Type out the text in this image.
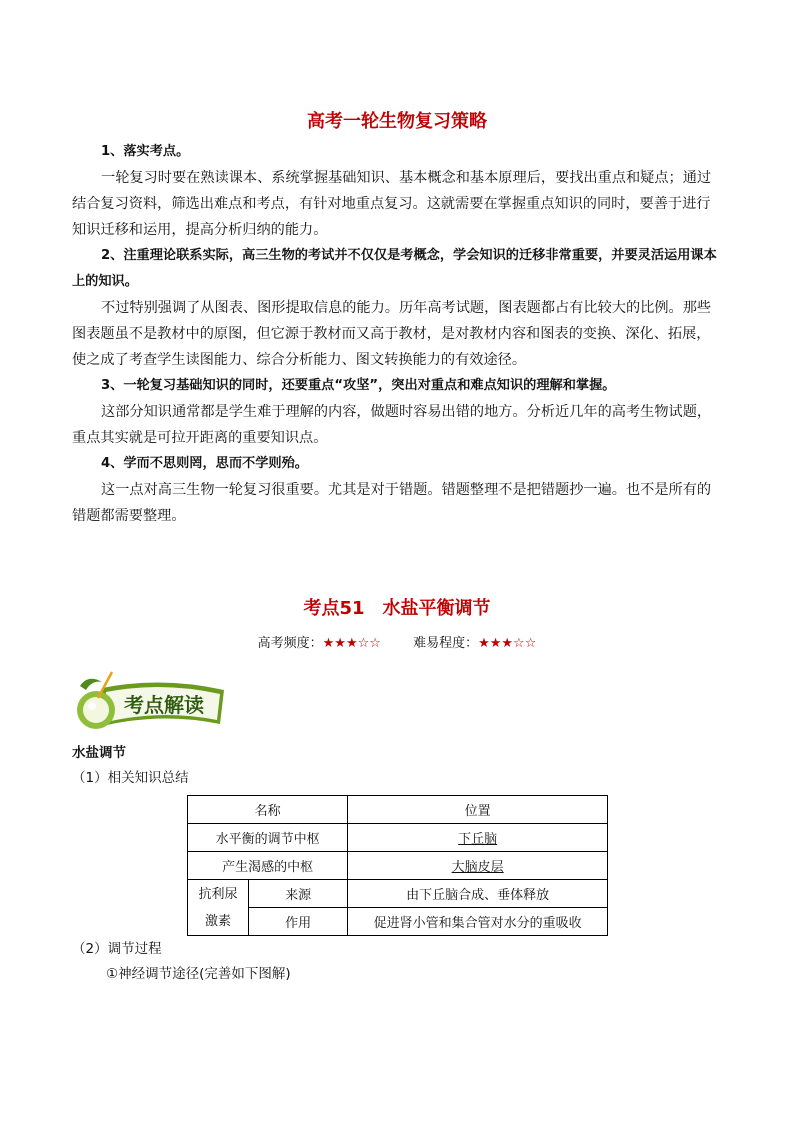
高考一轮生物复习策略

1、落实考点。

一轮复习时要在熟读课本、系统掌握基础知识、基本概念和基本原理后，要找出重点和疑点；通过结合复习资料，筛选出难点和考点，有针对地重点复习。这就需要在掌握重点知识的同时，要善于进行知识迁移和运用，提高分析归纳的能力。

2、注重理论联系实际，高三生物的考试并不仅仅是考概念，学会知识的迁移非常重要，并要灵活运用课本上的知识。

不过特别强调了从图表、图形提取信息的能力。历年高考试题，图表题都占有比较大的比例。那些图表题虽不是教材中的原图，但它源于教材而又高于教材，是对教材内容和图表的变换、深化、拓展，使之成了考查学生读图能力、综合分析能力、图文转换能力的有效途径。

3、一轮复习基础知识的同时，还要重点“攻坚”，突出对重点和难点知识的理解和掌握。

这部分知识通常都是学生难于理解的内容，做题时容易出错的地方。分析近几年的高考生物试题，重点其实就是可拉开距离的重要知识点。

4、学而不思则罔，思而不学则殆。

这一点对高三生物一轮复习很重要。尤其是对于错题。错题整理不是把错题抄一遍。也不是所有的错题都需要整理。

考点51　水盐平衡调节
高考频度：★★★☆☆ 难易程度：★★★☆☆
考点解读
水盐调节
（1）相关知识总结
名称		位置
水平衡的调节中枢		下丘脑
产生渴感的中枢		大脑皮层

抗利尿
激素	来源	由下丘脑合成、垂体释放
	作用	促进肾小管和集合管对水分的重吸收
（2）调节过程
①神经调节途径(完善如下图解)
